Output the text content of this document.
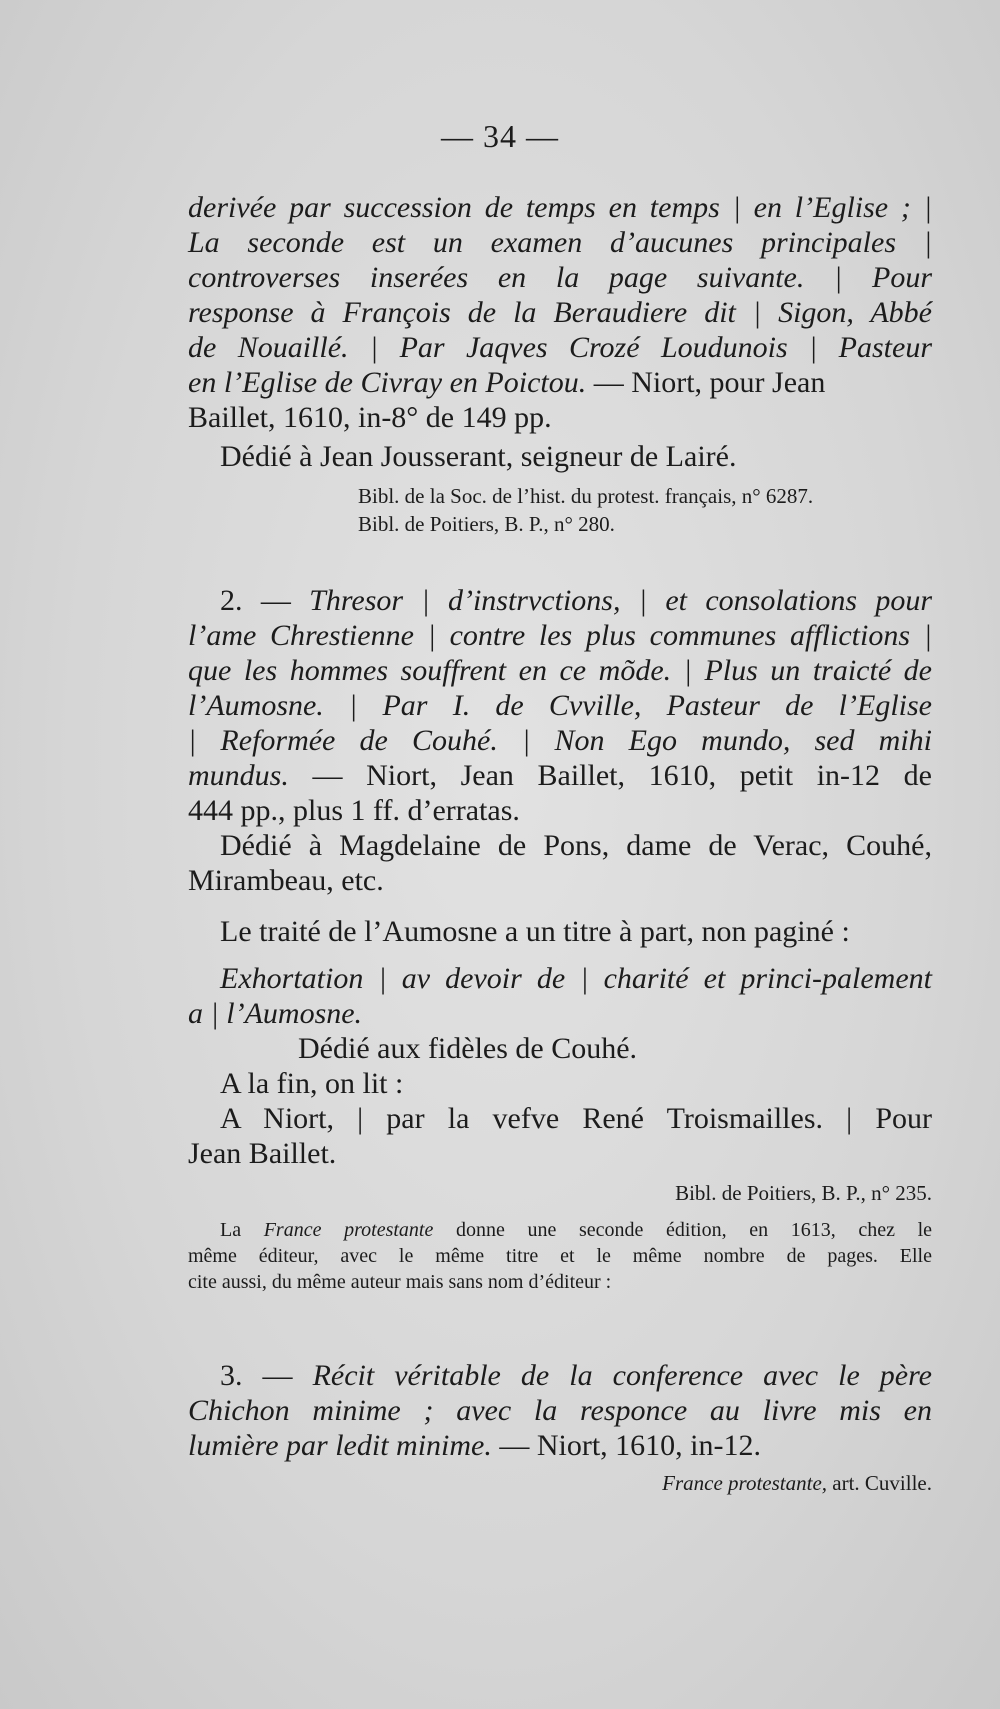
— 34 —
derivée par succession de temps en temps | en l’Eglise ; |
La seconde est un examen d’aucunes principales |
controverses inserées en la page suivante. | Pour
response à François de la Beraudiere dit | Sigon, Abbé
de Nouaillé. | Par Jaqves Crozé Loudunois | Pasteur
en l’Eglise de Civray en Poictou. — Niort, pour Jean
Baillet, 1610, in-8° de 149 pp.
Dédié à Jean Jousserant, seigneur de Lairé.
Bibl. de la Soc. de l’hist. du protest. français, n° 6287.
Bibl. de Poitiers, B. P., n° 280.
2. — Thresor | d’instrvctions, | et consolations pour
l’ame Chrestienne | contre les plus communes afflictions |
que les hommes souffrent en ce mõde. | Plus un traicté de
l’Aumosne. | Par I. de Cvville, Pasteur de l’Eglise
| Reformée de Couhé. | Non Ego mundo, sed mihi
mundus. — Niort, Jean Baillet, 1610, petit in-12 de
444 pp., plus 1 ff. d’erratas.
Dédié à Magdelaine de Pons, dame de Verac, Couhé,
Mirambeau, etc.
Le traité de l’Aumosne a un titre à part, non paginé :
Exhortation | av devoir de | charité et princi-palement
a | l’Aumosne.
Dédié aux fidèles de Couhé.
A la fin, on lit :
A Niort, | par la vefve René Troismailles. | Pour
Jean Baillet.
Bibl. de Poitiers, B. P., n° 235.
La France protestante donne une seconde édition, en 1613, chez le
même éditeur, avec le même titre et le même nombre de pages. Elle
cite aussi, du même auteur mais sans nom d’éditeur :
3. — Récit véritable de la conference avec le père
Chichon minime ; avec la responce au livre mis en
lumière par ledit minime. — Niort, 1610, in-12.
France protestante, art. Cuville.
